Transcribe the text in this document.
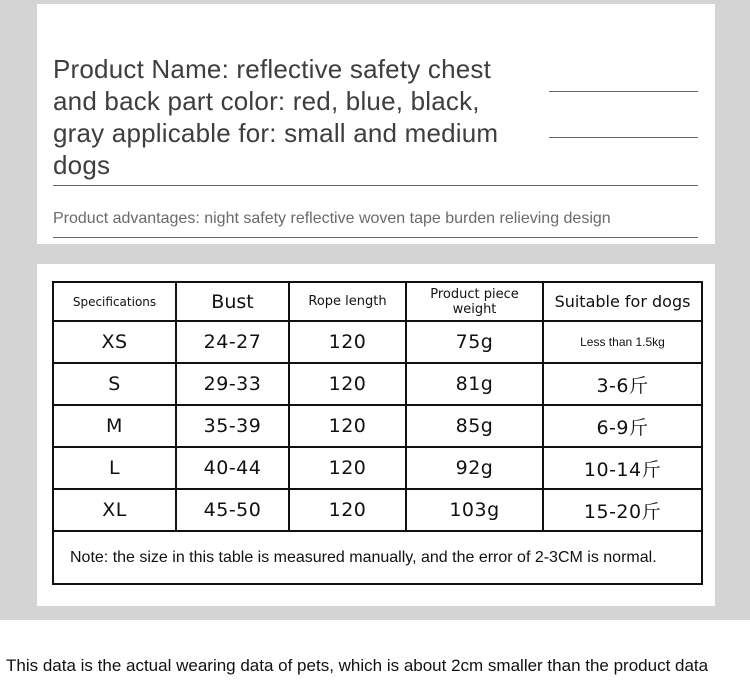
Product Name: reflective safety chest and back part color: red, blue, black, gray applicable for: small and medium dogs
Product advantages: night safety reflective woven tape burden relieving design
Specifications	Bust	Rope length	Product piece weight	Suitable for dogs
XS	24-27	120	75g	Less than 1.5kg
S	29-33	120	81g	3-6斤
M	35-39	120	85g	6-9斤
L	40-44	120	92g	10-14斤
XL	45-50	120	103g	15-20斤
Note: the size in this table is measured manually, and the error of 2-3CM is normal.				
This data is the actual wearing data of pets, which is about 2cm smaller than the product data
